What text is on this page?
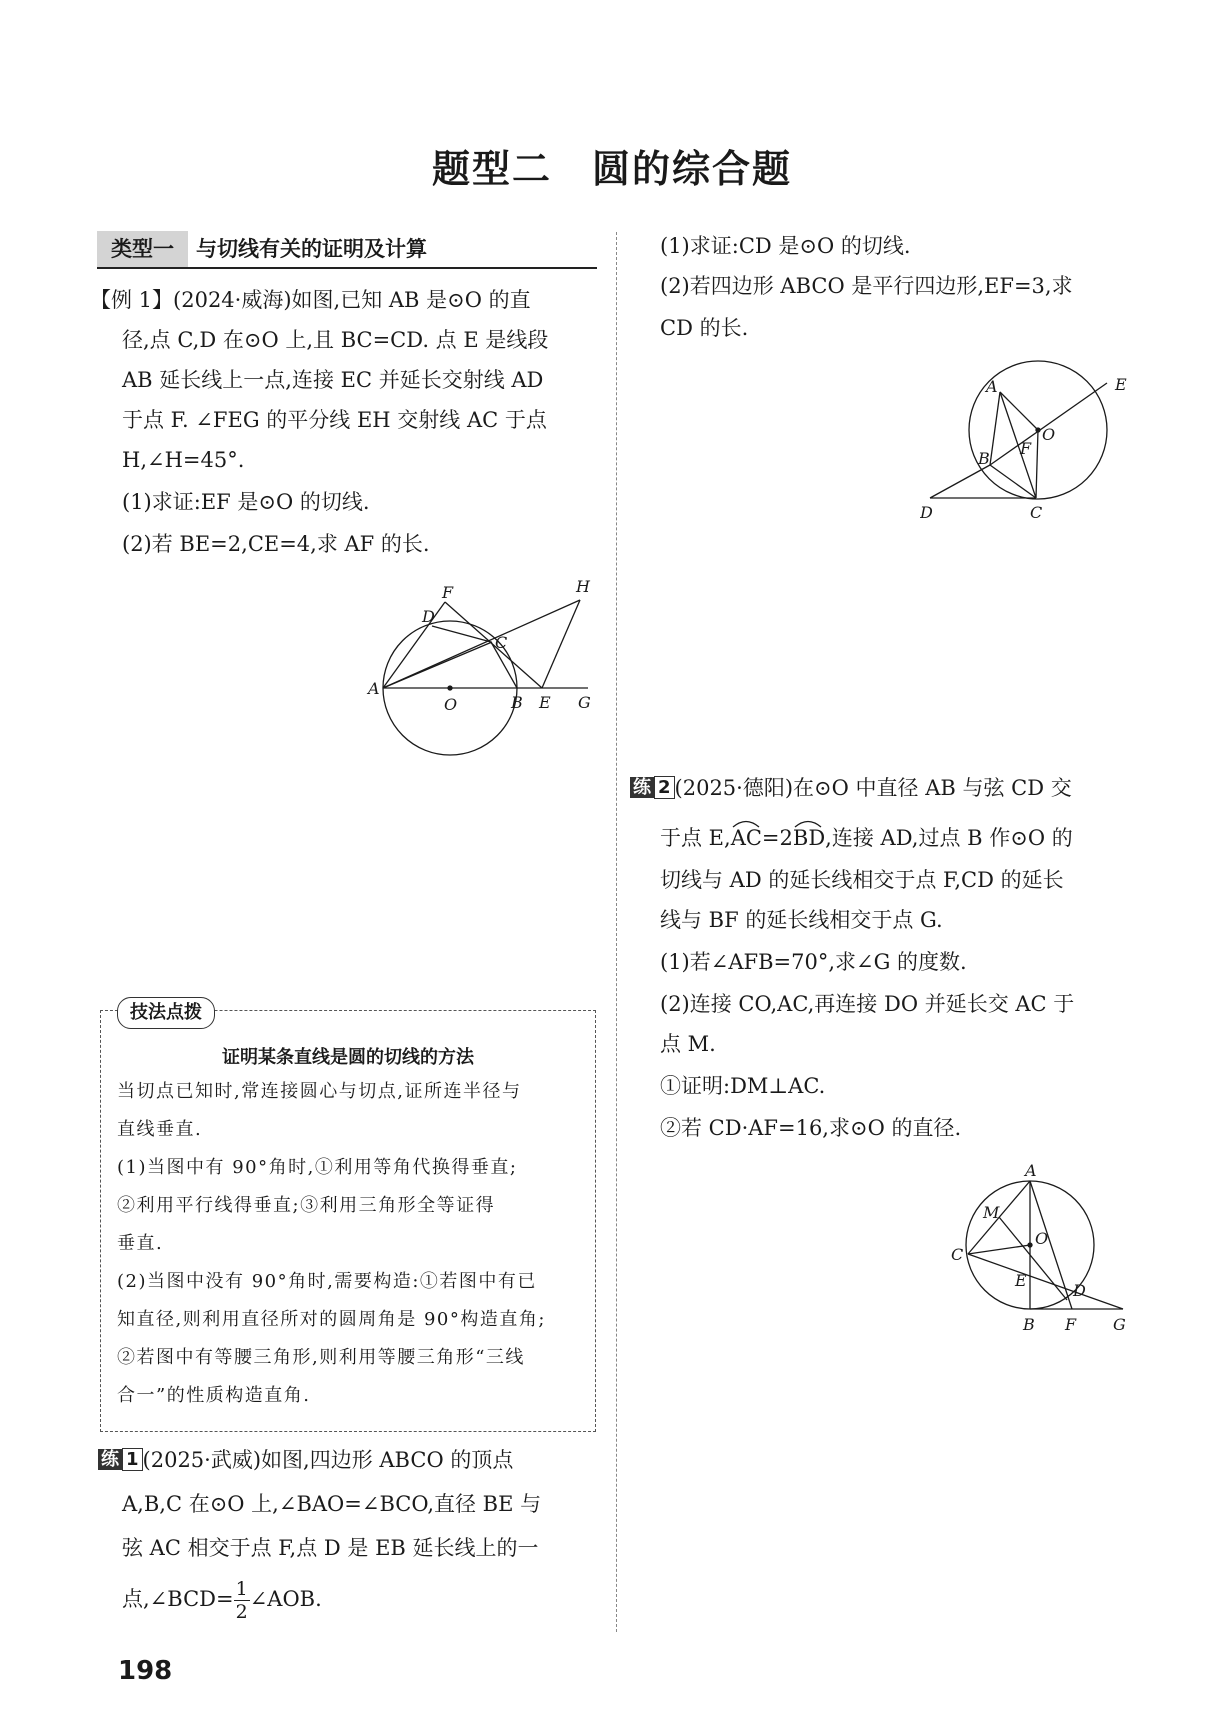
题型二 圆的综合题
类型一 与切线有关的证明及计算
【例 1】(2024·威海)如图,已知 AB 是⊙O 的直
径,点 C,D 在⊙O 上,且 BC=CD. 点 E 是线段
AB 延长线上一点,连接 EC 并延长交射线 AD
于点 F. ∠FEG 的平分线 EH 交射线 AC 于点
H,∠H=45°.
(1)求证:EF 是⊙O 的切线.
(2)若 BE=2,CE=4,求 AF 的长.
A
O	B E G
C
D
F	H
技法点拨
证明某条直线是圆的切线的方法
当切点已知时,常连接圆心与切点,证所连半径与
直线垂直.
(1)当图中有 90°角时,①利用等角代换得垂直;
②利用平行线得垂直;③利用三角形全等证得
垂直.
(2)当图中没有 90°角时,需要构造:①若图中有已
知直径,则利用直径所对的圆周角是 90°构造直角;
②若图中有等腰三角形,则利用等腰三角形“三线
合一”的性质构造直角.
练 1 (2025·武威)如图,四边形 ABCO 的顶点
A,B,C 在⊙O 上,∠BAO=∠BCO,直径 BE 与
弦 AC 相交于点 F,点 D 是 EB 延长线上的一
点,∠BCD= $\frac{1}{2}$ ∠AOB.
(1)求证:CD 是⊙O 的切线.
(2)若四边形 ABCO 是平行四边形,EF=3,求
CD 的长.
A
O
F
B
E
D	C
练 2 (2025·德阳)在⊙O 中直径 AB 与弦 CD 交
于点 E,
AC=2
BD,连接 AD,过点 B 作⊙O 的
切线与 AD 的延长线相交于点 F,CD 的延长
线与 BF 的延长线相交于点 G.
(1)若∠AFB=70°,求∠G 的度数.
(2)连接 CO,AC,再连接 DO 并延长交 AC 于
点 M.
①证明:DM⊥AC.
②若 CD·AF=16,求⊙O 的直径.
A
M
O
C
E
D
B F G
198
